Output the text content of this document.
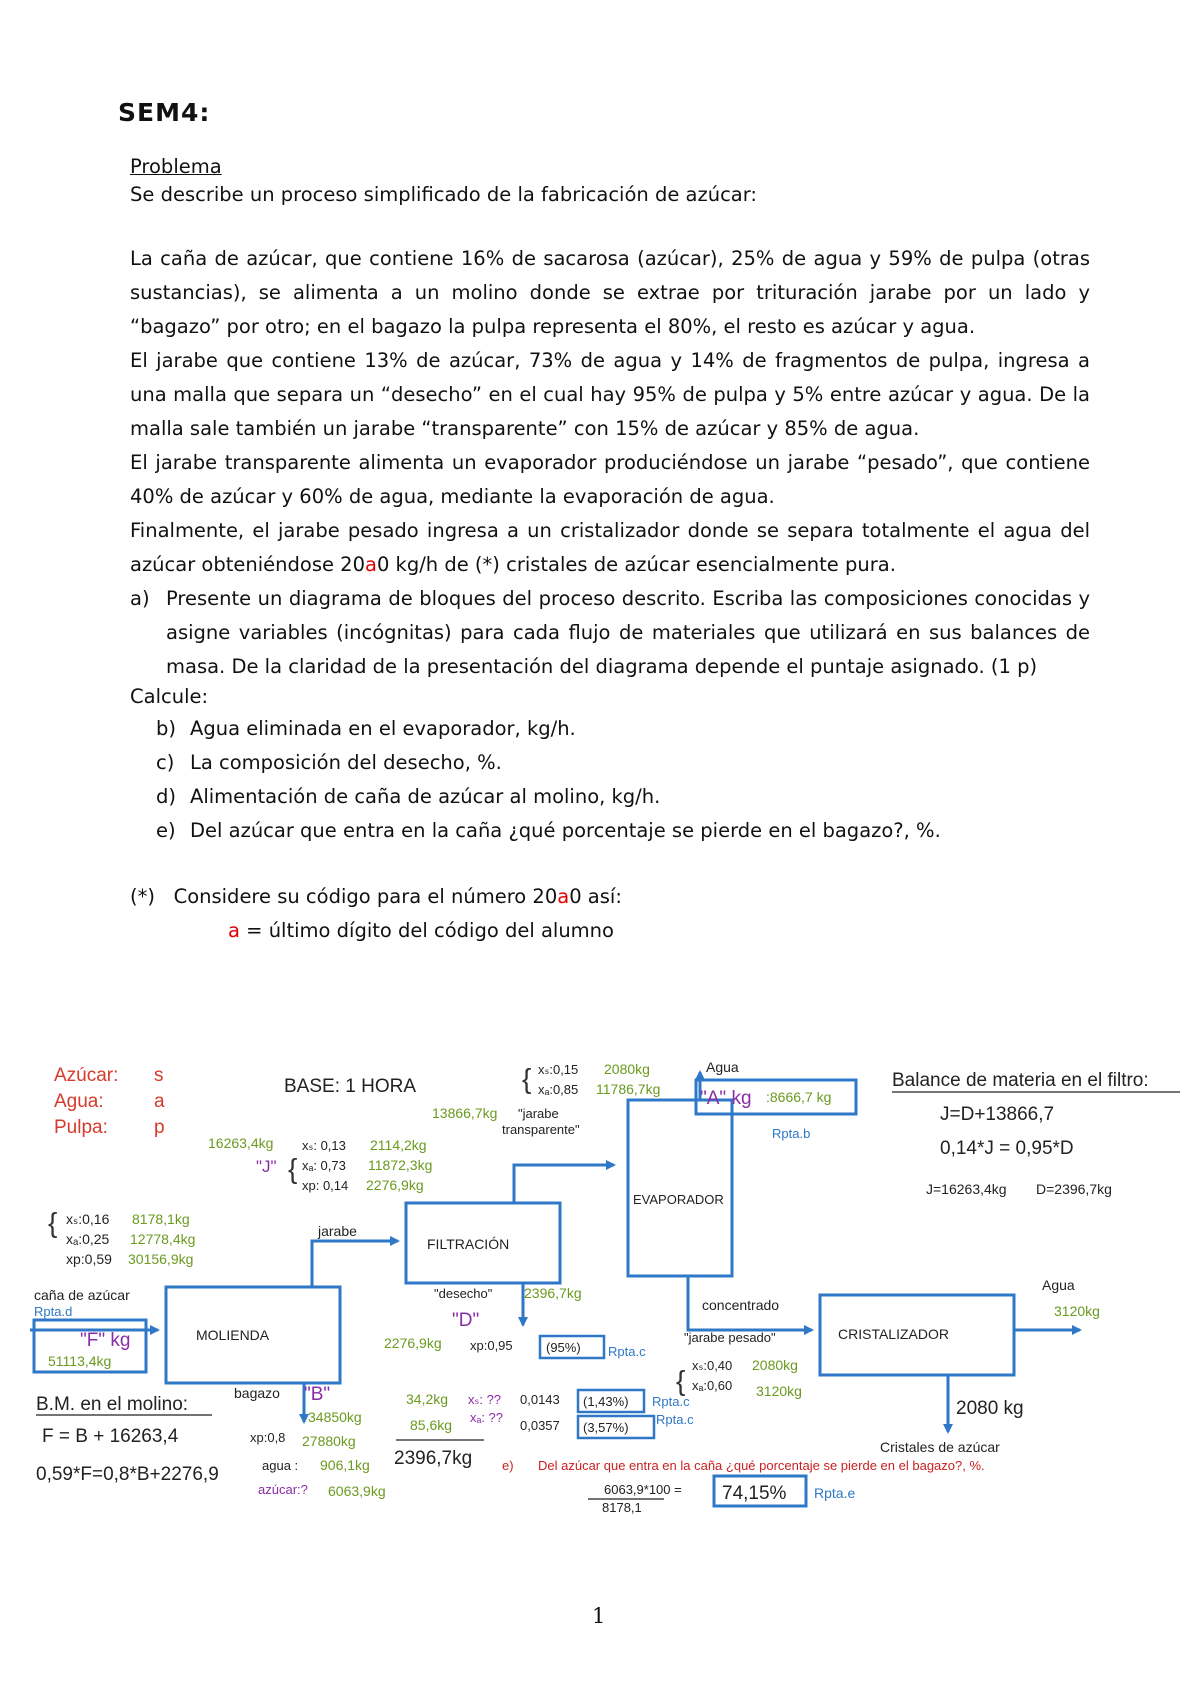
SEM4:
Problema
Se describe un proceso simplificado de la fabricación de azúcar:
La caña de azúcar, que contiene 16% de sacarosa (azúcar), 25% de agua y 59% de pulpa (otras sustancias), se alimenta a un molino donde se extrae por trituración jarabe por un lado y “bagazo” por otro; en el bagazo la pulpa representa el 80%, el resto es azúcar y agua.
El jarabe que contiene 13% de azúcar, 73% de agua y 14% de fragmentos de pulpa, ingresa a una malla que separa un “desecho” en el cual hay 95% de pulpa y 5% entre azúcar y agua. De la malla sale también un jarabe “transparente” con 15% de azúcar y 85% de agua.
El jarabe transparente alimenta un evaporador produciéndose un jarabe “pesado”, que contiene 40% de azúcar y 60% de agua, mediante la evaporación de agua.
Finalmente, el jarabe pesado ingresa a un cristalizador donde se separa totalmente el agua del azúcar obteniéndose 20a0 kg/h de (*) cristales de azúcar esencialmente pura.
a) Presente un diagrama de bloques del proceso descrito. Escriba las composiciones conocidas y asigne variables (incógnitas) para cada flujo de materiales que utilizará en sus balances de masa. De la claridad de la presentación del diagrama depende el puntaje asignado. (1 p)
Calcule:
b) Agua eliminada en el evaporador, kg/h.
c) La composición del desecho, %.
d) Alimentación de caña de azúcar al molino, kg/h.
e) Del azúcar que entra en la caña ¿qué porcentaje se pierde en el bagazo?, %.
(*) Considere su código para el número 20a0 así:
a = último dígito del código del alumno
Azúcar: s
Agua:	a
Pulpa: p
BASE: 1 HORA
MOLIENDA
FILTRACIÓN
EVAPORADOR
CRISTALIZADOR
{ xₛ:0,16 8178,1kg
xₐ:0,25 12778,4kg
xp:0,59 30156,9kg
caña de azúcar
Rpta.d
"F" kg
51113,4kg
16263,4kg
"J" {
xₛ: 0,13 2114,2kg
xₐ: 0,73 11872,3kg
xp: 0,14 2276,9kg
jarabe
{ xₛ:0,15 2080kg
xₐ:0,85 11786,7kg
13866,7kg "jarabe
transparente"
Agua
"A" kg :8666,7 kg
Rpta.b
Balance de materia en el filtro:
J=D+13866,7
0,14*J = 0,95*D
J=16263,4kg D=2396,7kg
"desecho" 2396,7kg
"D"
2276,9kg xp:0,95	(95%) Rpta.c
34,2kg xₛ: ?? 0,0143 (1,43%) Rpta.c
85,6kg xₐ: ??
0,0357 (3,57%)
Rpta.c
2396,7kg
concentrado
"jarabe pesado"
{ xₛ:0,40 2080kg
xₐ:0,60 3120kg
Agua
3120kg
2080 kg
Cristales de azúcar
bagazo "B"
34850kg
xp:0,8 27880kg
agua : 906,1kg
azúcar:? 6063,9kg
B.M. en el molino:
F = B + 16263,4
0,59*F=0,8*B+2276,9	e) Del azúcar que entra en la caña ¿qué porcentaje se pierde en el bagazo?, %.
6063,9*100 =
8178,1
74,15% Rpta.e
1
